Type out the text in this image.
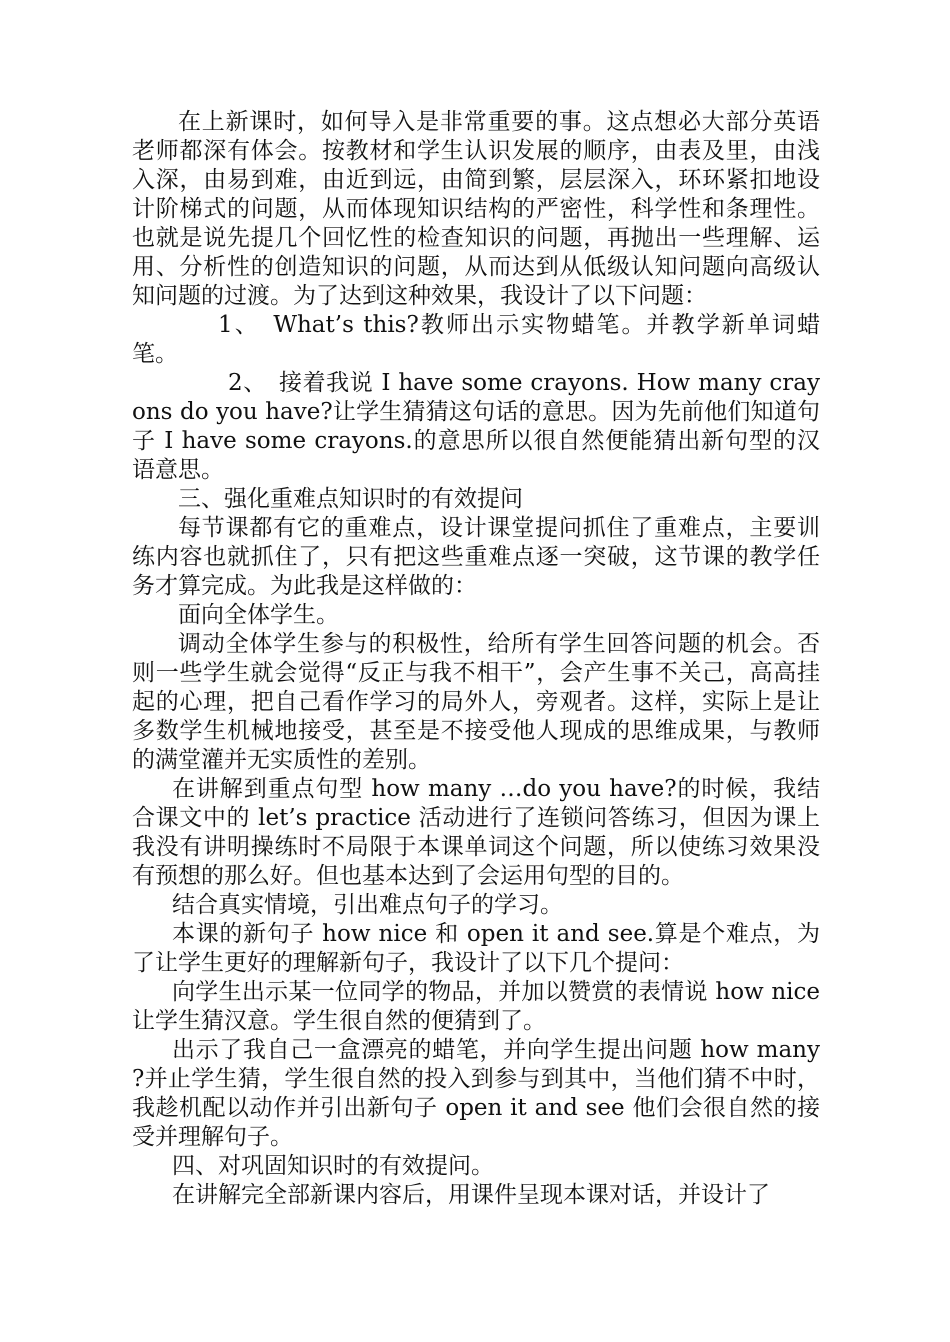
在上新课时，如何导入是非常重要的事。这点想必大部分英语老师都深有体会。按教材和学生认识发展的顺序，由表及里，由浅入深，由易到难，由近到远，由简到繁，层层深入，环环紧扣地设计阶梯式的问题，从而体现知识结构的严密性，科学性和条理性。也就是说先提几个回忆性的检查知识的问题，再抛出一些理解、运用、分析性的创造知识的问题，从而达到从低级认知问题向高级认知问题的过渡。为了达到这种效果，我设计了以下问题：

1、　What’s this?教师出示实物蜡笔。并教学新单词蜡笔。

2、　接着我说 I have some crayons. How many crayons do you have?让学生猜猜这句话的意思。因为先前他们知道句子 I have some crayons.的意思所以很自然便能猜出新句型的汉语意思。

三、强化重难点知识时的有效提问

每节课都有它的重难点，设计课堂提问抓住了重难点，主要训练内容也就抓住了，只有把这些重难点逐一突破，这节课的教学任务才算完成。为此我是这样做的：

面向全体学生。

调动全体学生参与的积极性，给所有学生回答问题的机会。否则一些学生就会觉得“反正与我不相干”，会产生事不关己，高高挂起的心理，把自己看作学习的局外人，旁观者。这样，实际上是让多数学生机械地接受，甚至是不接受他人现成的思维成果，与教师的满堂灌并无实质性的差别。

在讲解到重点句型 how many …do you have?的时候，我结合课文中的 let’s practice 活动进行了连锁问答练习，但因为课上我没有讲明操练时不局限于本课单词这个问题，所以使练习效果没有预想的那么好。但也基本达到了会运用句型的目的。

结合真实情境，引出难点句子的学习。

本课的新句子 how nice 和 open it and see.算是个难点，为了让学生更好的理解新句子，我设计了以下几个提问：

向学生出示某一位同学的物品，并加以赞赏的表情说 how nice 让学生猜汉意。学生很自然的便猜到了。

出示了我自己一盒漂亮的蜡笔，并向学生提出问题 how many ?并止学生猜，学生很自然的投入到参与到其中，当他们猜不中时，我趁机配以动作并引出新句子 open it and see 他们会很自然的接受并理解句子。

四、对巩固知识时的有效提问。

在讲解完全部新课内容后，用课件呈现本课对话，并设计了
